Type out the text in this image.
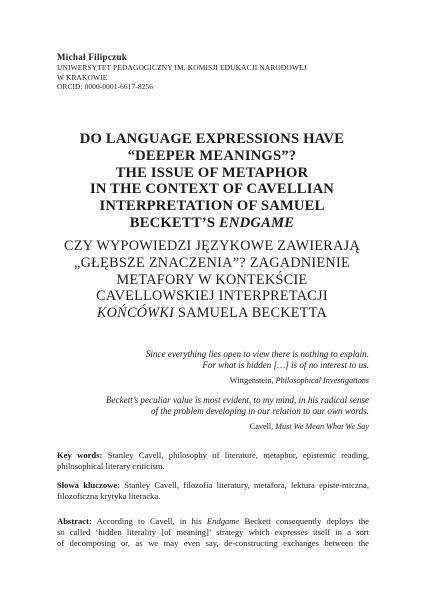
Michał Filipczuk
UNIWERSYTET PEDAGOGICZNY IM. KOMISJI EDUKACJI NARODOWEJ
W KRAKOWIE
ORCID: 0000-0001-6617-8256
DO LANGUAGE EXPRESSIONS HAVE
“DEEPER MEANINGS”?
THE ISSUE OF METAPHOR
IN THE CONTEXT OF CAVELLIAN
INTERPRETATION OF SAMUEL
BECKETT’S ENDGAME
CZY WYPOWIEDZI JĘZYKOWE ZAWIERAJĄ
„GŁĘBSZE ZNACZENIA”? ZAGADNIENIE
METAFORY W KONTEKŚCIE
CAVELLOWSKIEJ INTERPRETACJI
KOŃCÓWKI SAMUELA BECKETTA
Since everything lies open to view there is nothing to explain.
For what is hidden […] is of no interest to us.
Wittgenstein, Philosophical Investigations
Beckett’s peculiar value is most evident, to my mind, in his radical sense
of the problem developing in our relation to our own words.
Cavell, Must We Mean What We Say
Key words: Stanley Cavell, philosophy of literature, metaphor, epistemic reading, philosophical literary criticism.
Słowa kluczowe: Stanley Cavell, filozofia literatury, metafora, lektura episte-miczna, filozoficzna krytyka literacka.
Abstract: According to Cavell, in his Endgame Beckett consequently deploys the
so called ‘hidden literality [of meaning]’ strategy which expresses itself in a sort
of decomposing or, as we may even say, de-constructing exchanges between the
